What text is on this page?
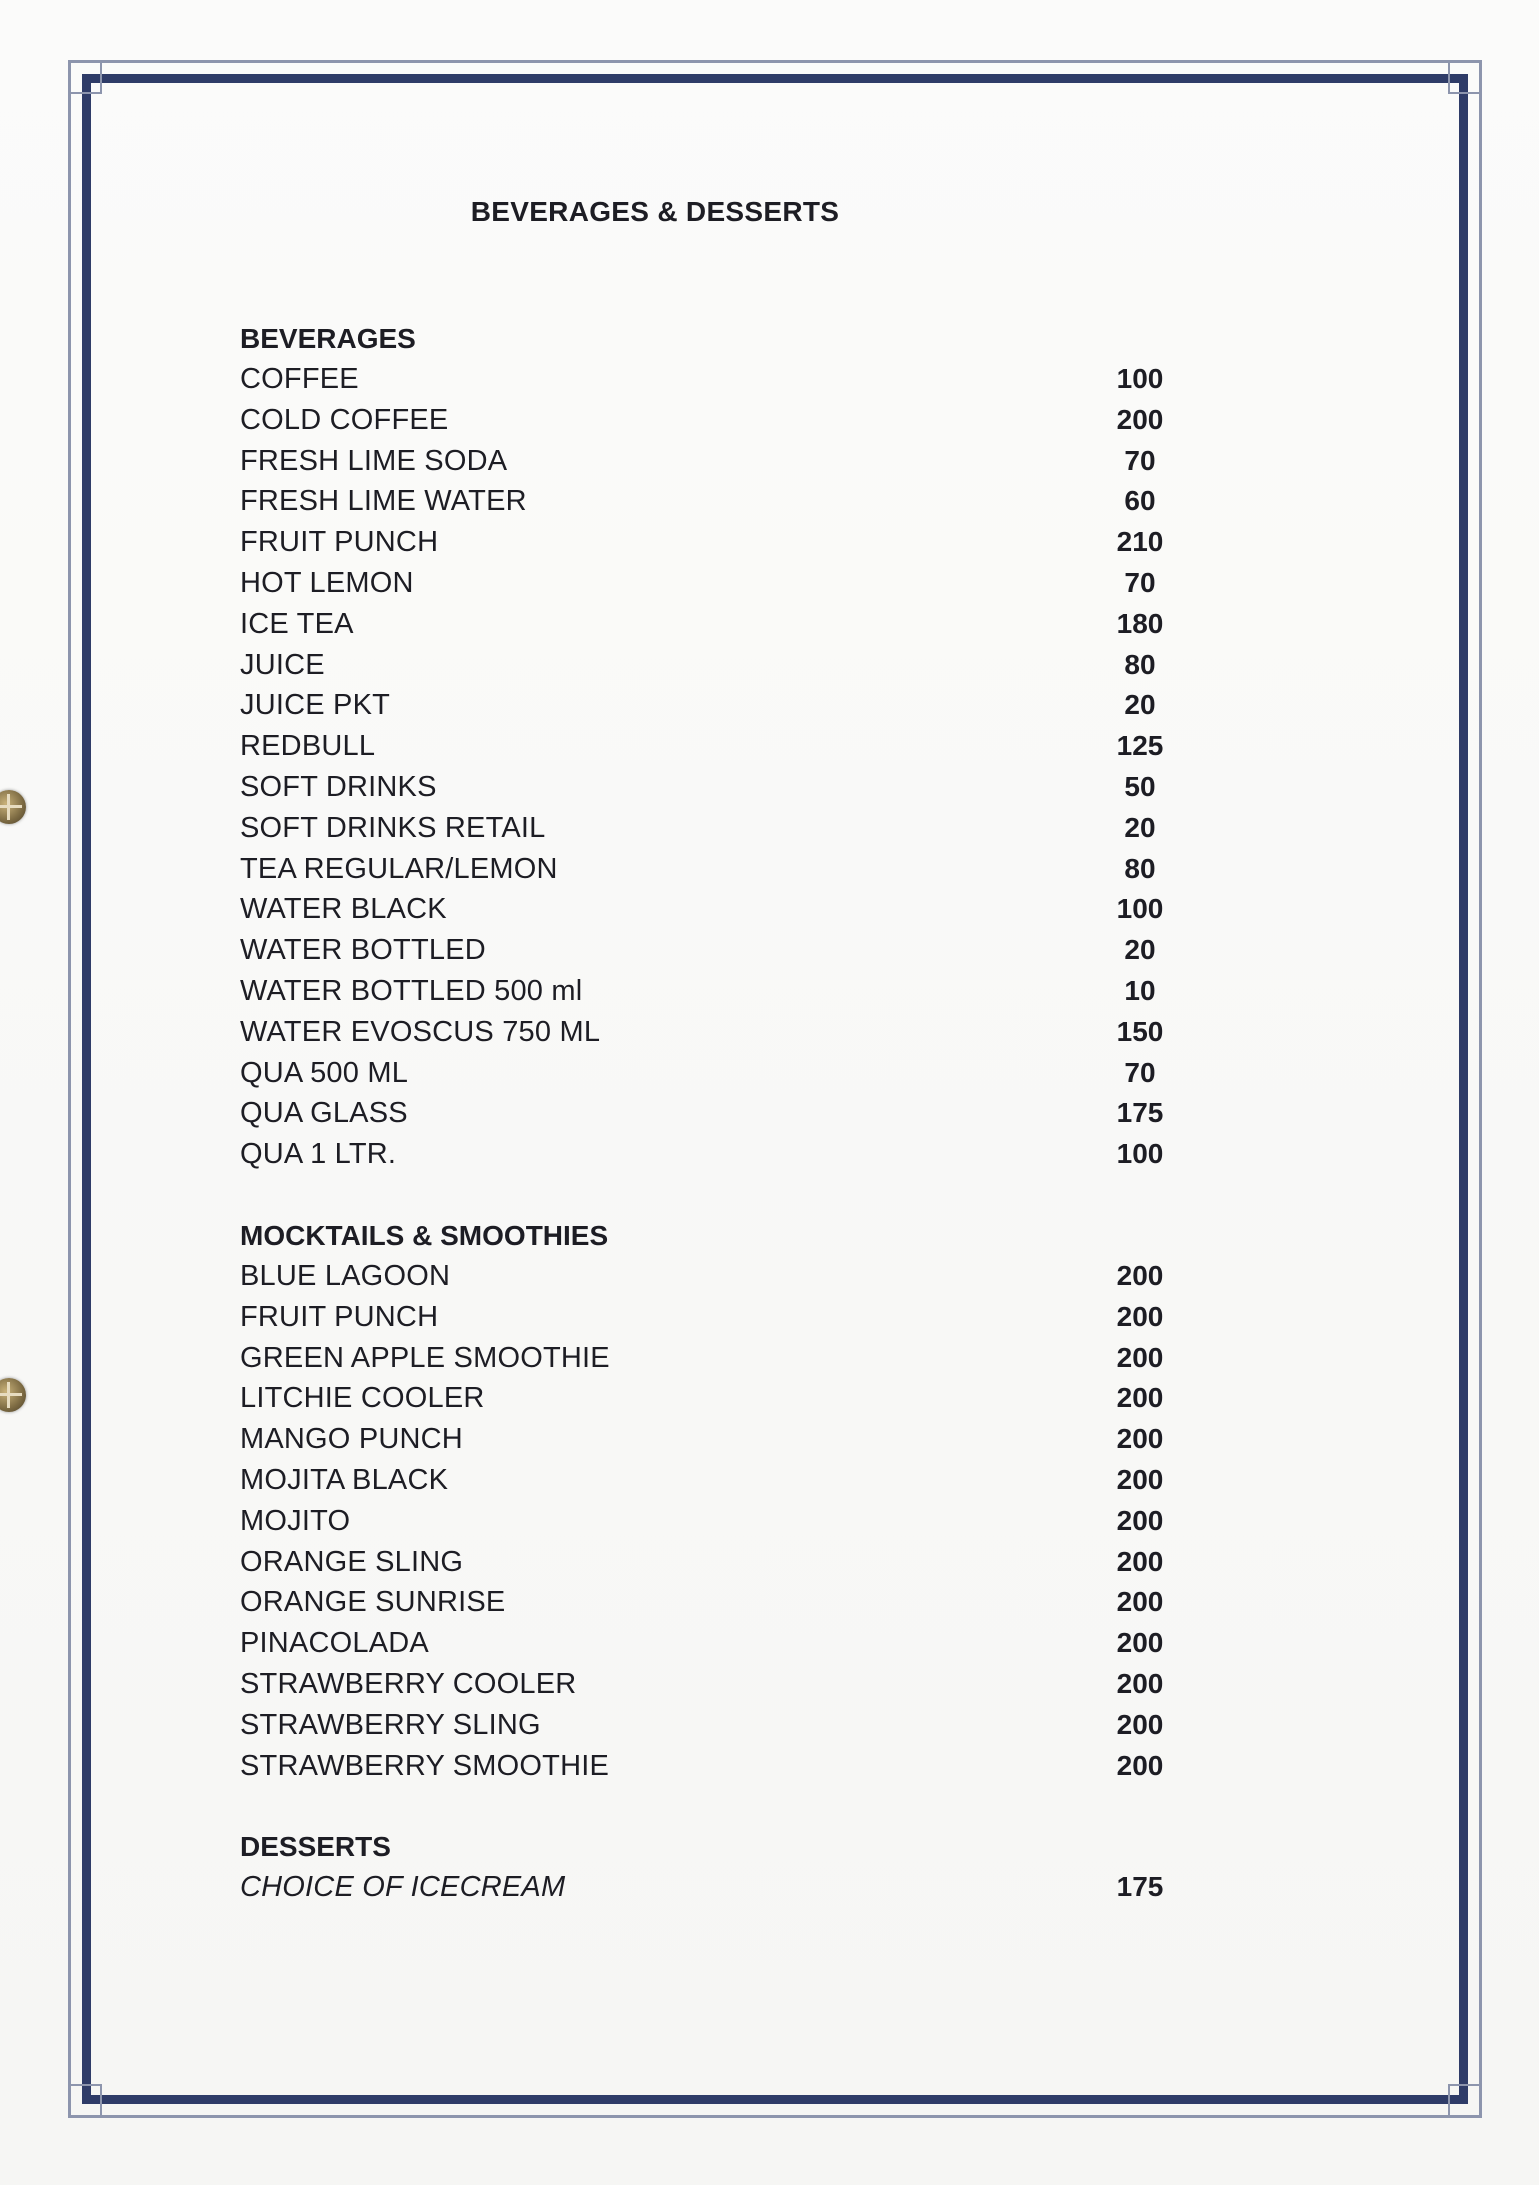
BEVERAGES & DESSERTS
BEVERAGES
COFFEE	100
COLD COFFEE	200
FRESH LIME SODA	70
FRESH LIME WATER	60
FRUIT PUNCH	210
HOT LEMON	70
ICE TEA	180
JUICE	80
JUICE PKT	20
REDBULL	125
SOFT DRINKS	50
SOFT DRINKS RETAIL	20
TEA REGULAR/LEMON	80
WATER BLACK	100
WATER BOTTLED	20
WATER BOTTLED 500 ml	10
WATER EVOSCUS 750 ML	150
QUA 500 ML	70
QUA GLASS	175
QUA 1 LTR.	100
MOCKTAILS & SMOOTHIES
BLUE LAGOON	200
FRUIT PUNCH	200
GREEN APPLE SMOOTHIE	200
LITCHIE COOLER	200
MANGO PUNCH	200
MOJITA BLACK	200
MOJITO	200
ORANGE SLING	200
ORANGE SUNRISE	200
PINACOLADA	200
STRAWBERRY COOLER	200
STRAWBERRY SLING	200
STRAWBERRY SMOOTHIE	200
DESSERTS
CHOICE OF ICECREAM	175
